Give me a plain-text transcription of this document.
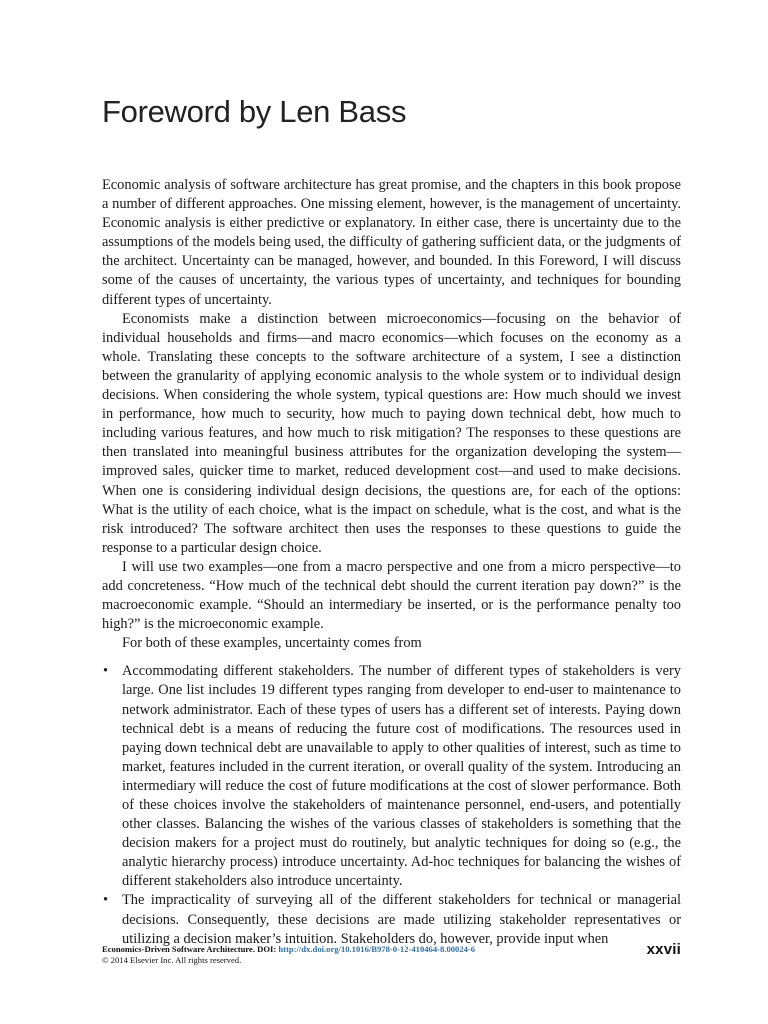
Foreword by Len Bass

Economic analysis of software architecture has great promise, and the chapters in this book propose a number of different approaches. One missing element, however, is the management of uncertainty. Economic analysis is either predictive or explanatory. In either case, there is uncertainty due to the assumptions of the models being used, the difficulty of gathering sufficient data, or the judgments of the architect. Uncertainty can be managed, however, and bounded. In this Foreword, I will discuss some of the causes of uncertainty, the various types of uncertainty, and techniques for bounding different types of uncertainty.

Economists make a distinction between microeconomics—focusing on the behavior of individual households and firms—and macro economics—which focuses on the economy as a whole. Translating these concepts to the software architecture of a system, I see a distinction between the granularity of applying economic analysis to the whole system or to individual design decisions. When considering the whole system, typical questions are: How much should we invest in performance, how much to security, how much to paying down technical debt, how much to including various features, and how much to risk mitigation? The responses to these questions are then translated into meaningful business attributes for the organization developing the system—improved sales, quicker time to market, reduced development cost—and used to make decisions. When one is considering individual design decisions, the questions are, for each of the options: What is the utility of each choice, what is the impact on schedule, what is the cost, and what is the risk introduced? The software architect then uses the responses to these questions to guide the response to a particular design choice.

I will use two examples—one from a macro perspective and one from a micro perspective—to add concreteness. “How much of the technical debt should the current iteration pay down?” is the macroeconomic example. “Should an intermediary be inserted, or is the performance penalty too high?” is the microeconomic example.

For both of these examples, uncertainty comes from

• Accommodating different stakeholders. The number of different types of stakeholders is very large. One list includes 19 different types ranging from developer to end-user to maintenance to network administrator. Each of these types of users has a different set of interests. Paying down technical debt is a means of reducing the future cost of modifications. The resources used in paying down technical debt are unavailable to apply to other qualities of interest, such as time to market, features included in the current iteration, or overall quality of the system. Introducing an intermediary will reduce the cost of future modifications at the cost of slower performance. Both of these choices involve the stakeholders of maintenance personnel, end-users, and potentially other classes. Balancing the wishes of the various classes of stakeholders is something that the decision makers for a project must do routinely, but analytic techniques for doing so (e.g., the analytic hierarchy process) introduce uncertainty. Ad-hoc techniques for balancing the wishes of different stakeholders also introduce uncertainty.

• The impracticality of surveying all of the different stakeholders for technical or managerial decisions. Consequently, these decisions are made utilizing stakeholder representatives or utilizing a decision maker’s intuition. Stakeholders do, however, provide input when

Economics-Driven Software Architecture. DOI: http://dx.doi.org/10.1016/B978-0-12-410464-8.00024-6
© 2014 Elsevier Inc. All rights reserved.
xxvii
